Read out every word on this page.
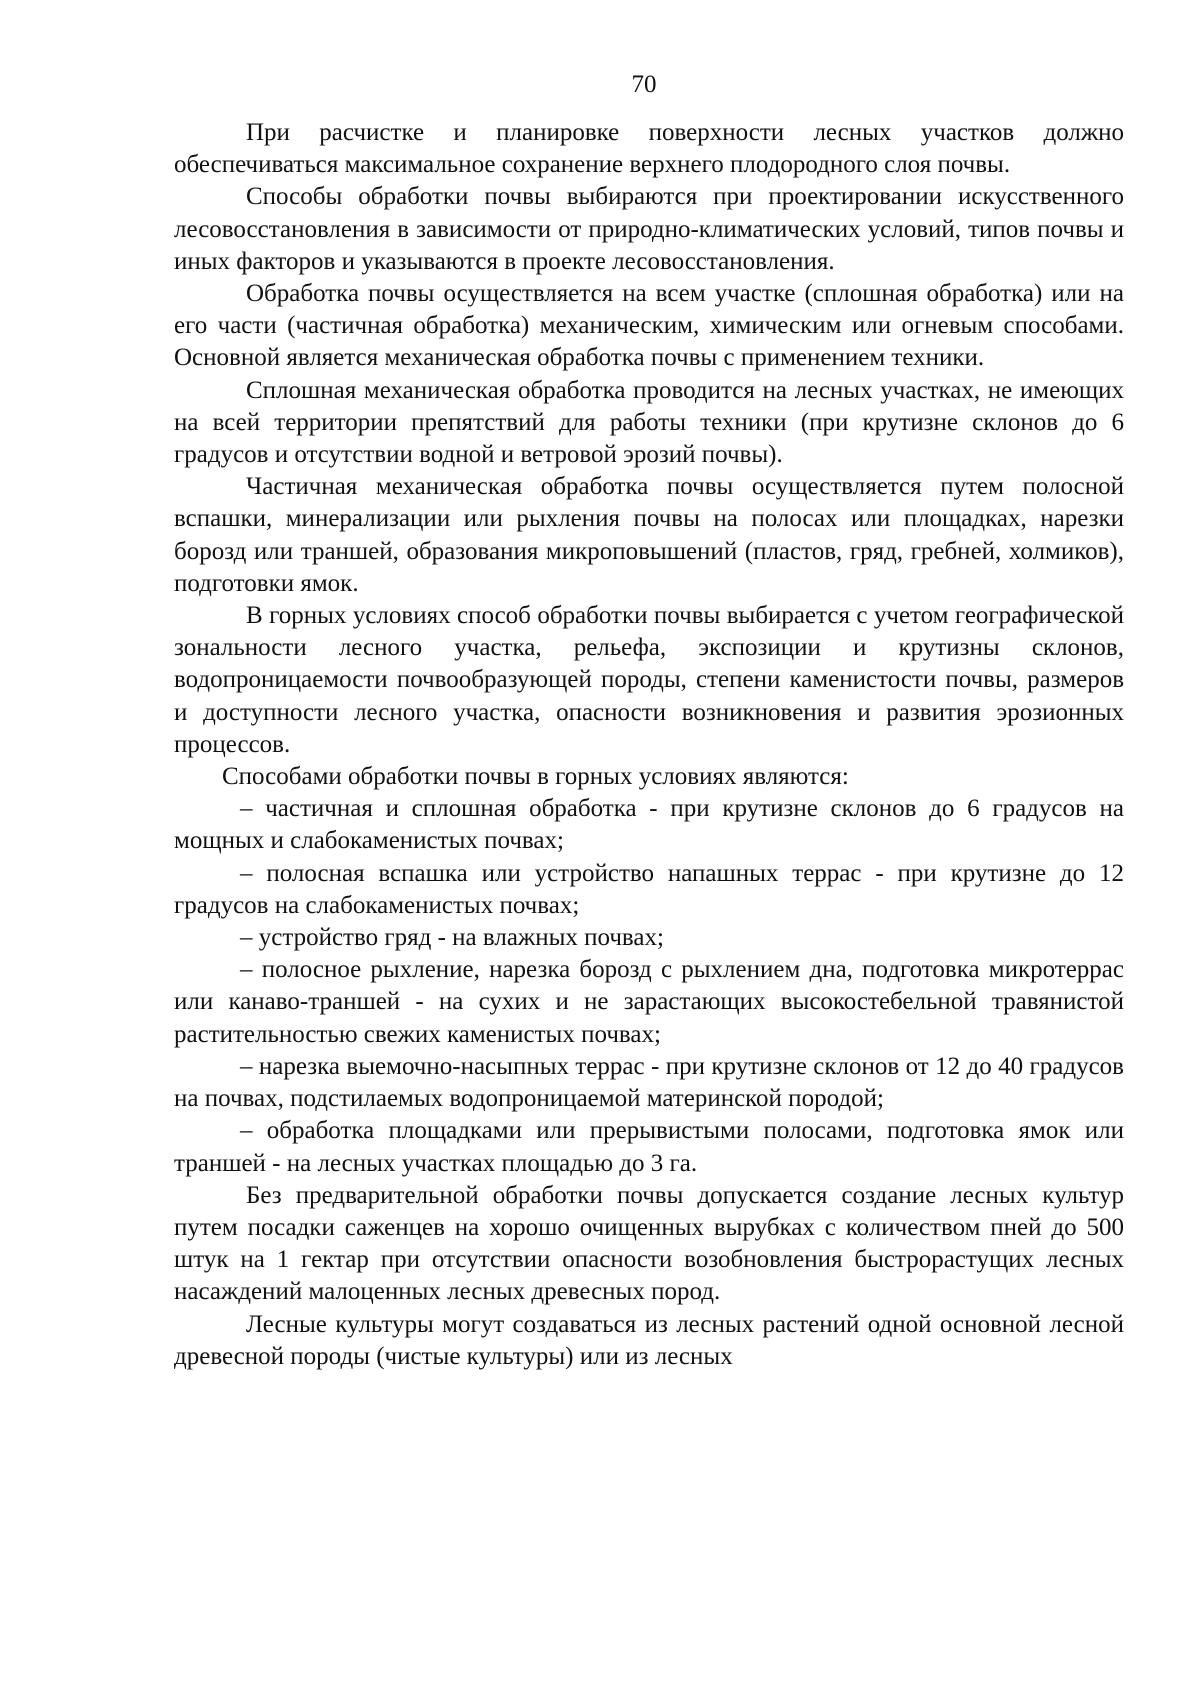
70

При расчистке и планировке поверхности лесных участков должно обеспечиваться максимальное сохранение верхнего плодородного слоя почвы.

Способы обработки почвы выбираются при проектировании искусственного лесовосстановления в зависимости от природно-климатических условий, типов почвы и иных факторов и указываются в проекте лесовосстановления.

Обработка почвы осуществляется на всем участке (сплошная обработка) или на его части (частичная обработка) механическим, химическим или огневым способами. Основной является механическая обработка почвы с применением техники.

Сплошная механическая обработка проводится на лесных участках, не имеющих на всей территории препятствий для работы техники (при крутизне склонов до 6 градусов и отсутствии водной и ветровой эрозий почвы).

Частичная механическая обработка почвы осуществляется путем полосной вспашки, минерализации или рыхления почвы на полосах или площадках, нарезки борозд или траншей, образования микроповышений (пластов, гряд, гребней, холмиков), подготовки ямок.

В горных условиях способ обработки почвы выбирается с учетом географической зональности лесного участка, рельефа, экспозиции и крутизны склонов, водопроницаемости почвообразующей породы, степени каменистости почвы, размеров и доступности лесного участка, опасности возникновения и развития эрозионных процессов.

Способами обработки почвы в горных условиях являются:

– частичная и сплошная обработка - при крутизне склонов до 6 градусов на мощных и слабокаменистых почвах;

– полосная вспашка или устройство напашных террас - при крутизне до 12 градусов на слабокаменистых почвах;

– устройство гряд - на влажных почвах;

– полосное рыхление, нарезка борозд с рыхлением дна, подготовка микротеррас или канаво-траншей - на сухих и не зарастающих высокостебельной травянистой растительностью свежих каменистых почвах;

– нарезка выемочно-насыпных террас - при крутизне склонов от 12 до 40 градусов на почвах, подстилаемых водопроницаемой материнской породой;

– обработка площадками или прерывистыми полосами, подготовка ямок или траншей - на лесных участках площадью до 3 га.

Без предварительной обработки почвы допускается создание лесных культур путем посадки саженцев на хорошо очищенных вырубках с количеством пней до 500 штук на 1 гектар при отсутствии опасности возобновления быстрорастущих лесных насаждений малоценных лесных древесных пород.

Лесные культуры могут создаваться из лесных растений одной основной лесной древесной породы (чистые культуры) или из лесных
